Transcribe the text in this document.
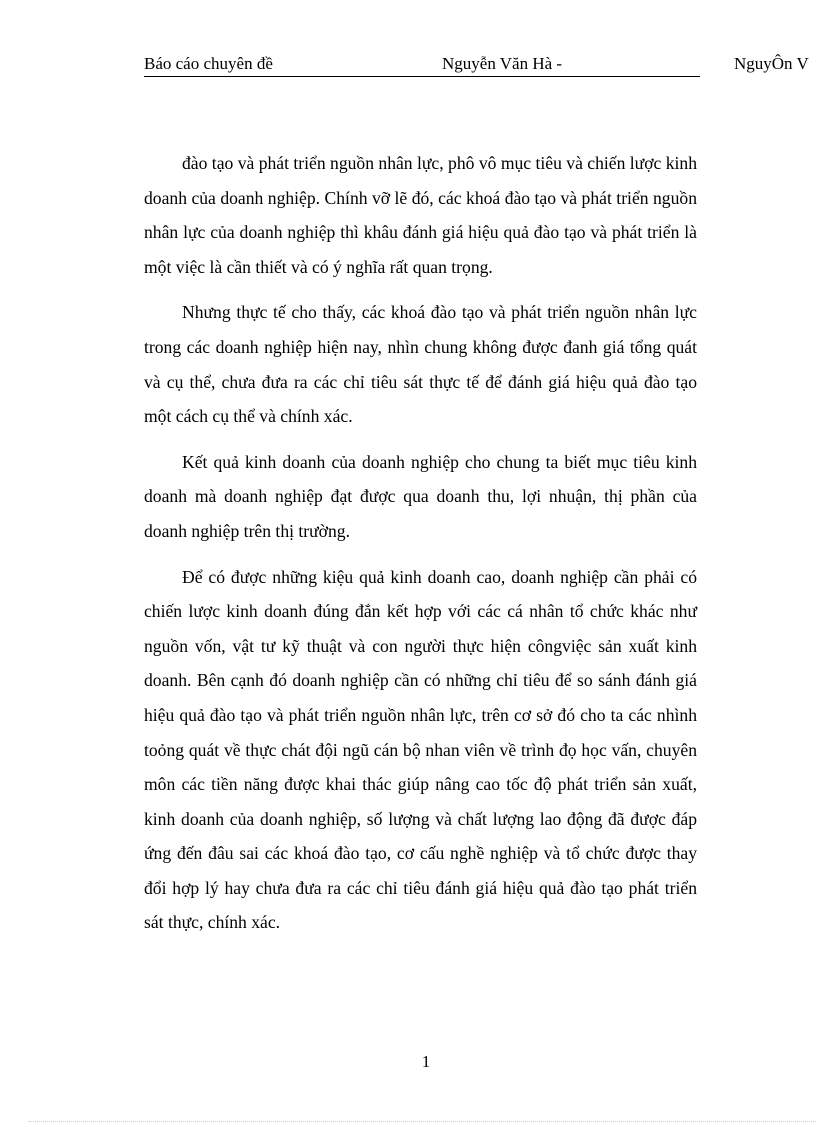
Báo cáo chuyên đề	Nguyễn Văn Hà -	NguyÔn V

đào tạo và phát triển nguồn nhân lực, phô vô mục tiêu và chiến lược kinh doanh của doanh nghiệp. Chính vỡ lẽ đó, các khoá đào tạo và phát triển nguồn nhân lực của doanh nghiệp thì khâu đánh giá hiệu quả đào tạo và phát triển là một việc là cần thiết và có ý nghĩa rất quan trọng.

Nhưng thực tế cho thấy, các khoá đào tạo và phát triển nguồn nhân lực trong các doanh nghiệp hiện nay, nhìn chung không được đanh giá tổng quát và cụ thể, chưa đưa ra các chỉ tiêu sát thực tế để đánh giá hiệu quả đào tạo một cách cụ thể và chính xác.

Kết quả kinh doanh của doanh nghiệp cho chung ta biết mục tiêu kinh doanh mà doanh nghiệp đạt được qua doanh thu, lợi nhuận, thị phần của doanh nghiệp trên thị trường.

Để có được những kiệu quả kinh doanh cao, doanh nghiệp cần phải có chiến lược kinh doanh đúng đắn kết hợp với các cá nhân tổ chức khác như nguồn vốn, vật tư kỹ thuật và con người thực hiện côngviệc sản xuất kinh doanh. Bên cạnh đó doanh nghiệp cần có những chỉ tiêu để so sánh đánh giá hiệu quả đào tạo và phát triển nguồn nhân lực, trên cơ sở đó cho ta các nhình toỏng quát về thực chát đội ngũ cán bộ nhan viên về trình đọ học vấn, chuyên môn các tiền năng được khai thác giúp nâng cao tốc độ phát triển sản xuất, kinh doanh của doanh nghiệp, số lượng và chất lượng lao động đã được đáp ứng đến đâu sai các khoá đào tạo, cơ cấu nghề nghiệp và tổ chức được thay đổi hợp lý hay chưa đưa ra các chỉ tiêu đánh giá hiệu quả đào tạo phát triển sát thực, chính xác.

1
